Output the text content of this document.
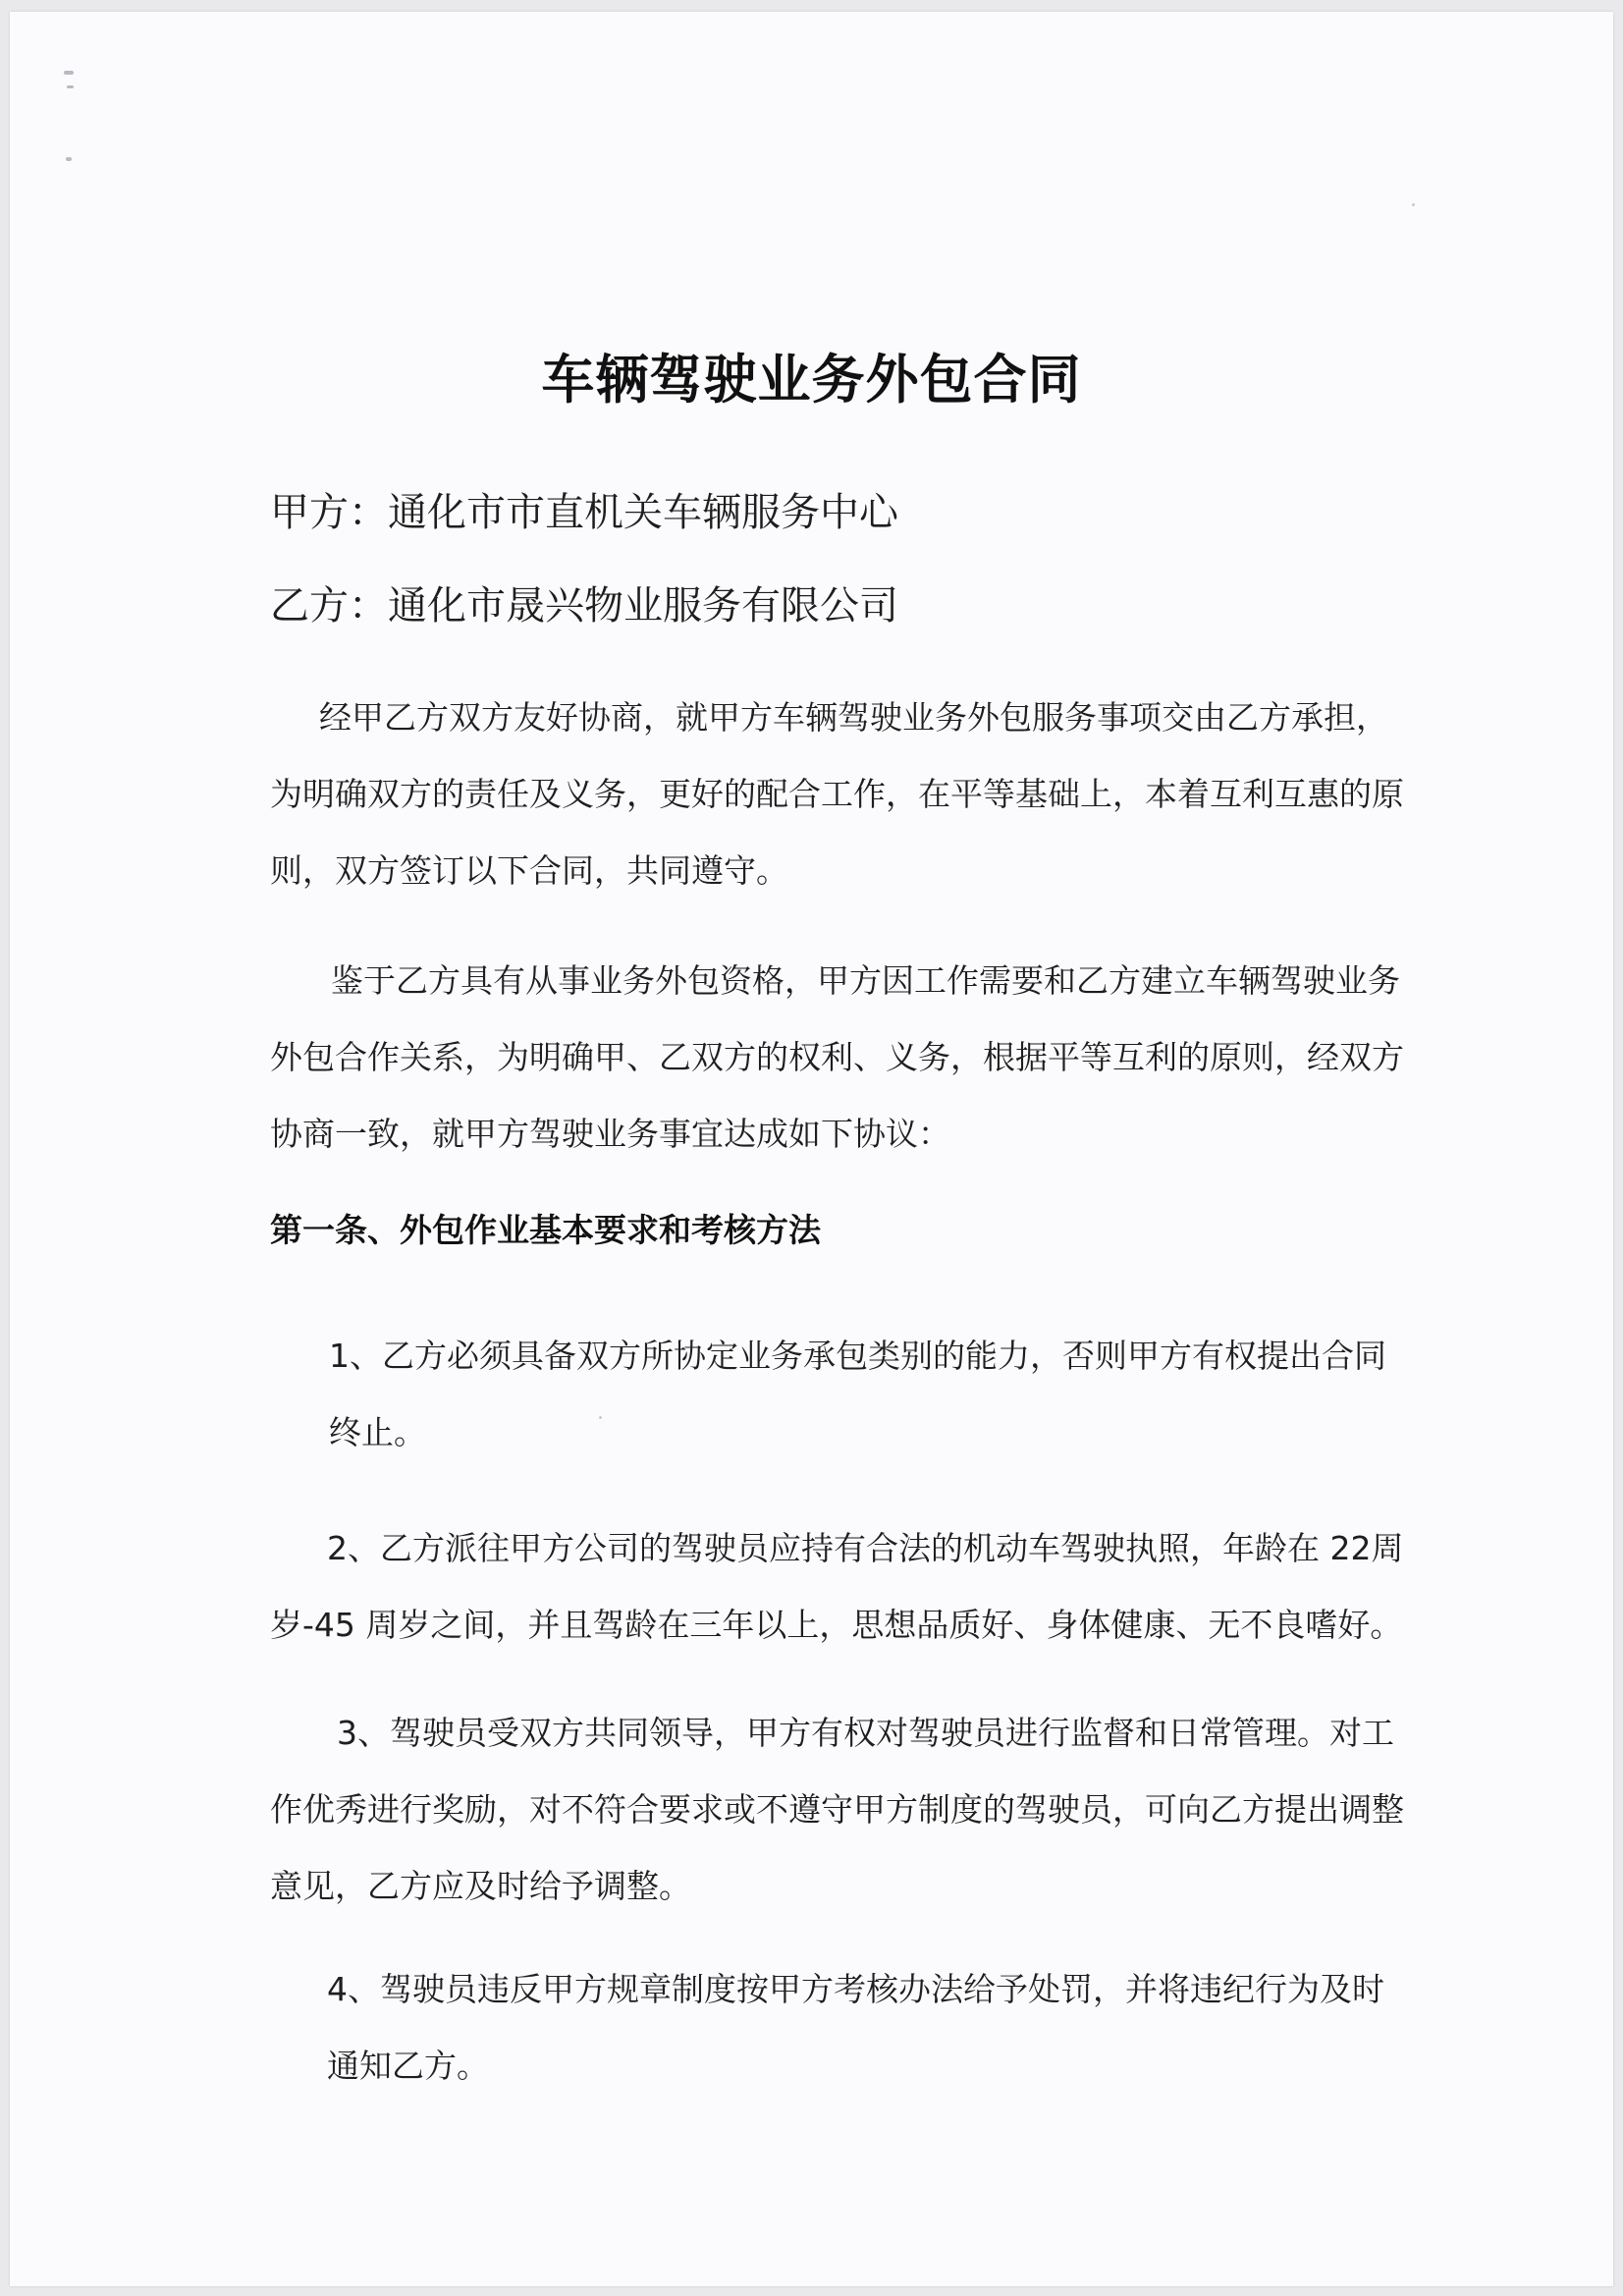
车辆驾驶业务外包合同
甲方：通化市市直机关车辆服务中心
乙方：通化市晟兴物业服务有限公司
经甲乙方双方友好协商，就甲方车辆驾驶业务外包服务事项交由乙方承担，
为明确双方的责任及义务，更好的配合工作，在平等基础上，本着互利互惠的原
则，双方签订以下合同，共同遵守。
鉴于乙方具有从事业务外包资格，甲方因工作需要和乙方建立车辆驾驶业务
外包合作关系，为明确甲、乙双方的权利、义务，根据平等互利的原则，经双方
协商一致，就甲方驾驶业务事宜达成如下协议：
第一条、外包作业基本要求和考核方法
1、乙方必须具备双方所协定业务承包类别的能力，否则甲方有权提出合同
终止。
2、乙方派往甲方公司的驾驶员应持有合法的机动车驾驶执照，年龄在 22周
岁-45 周岁之间，并且驾龄在三年以上，思想品质好、身体健康、无不良嗜好。
3、驾驶员受双方共同领导，甲方有权对驾驶员进行监督和日常管理。对工
作优秀进行奖励，对不符合要求或不遵守甲方制度的驾驶员，可向乙方提出调整
意见，乙方应及时给予调整。
4、驾驶员违反甲方规章制度按甲方考核办法给予处罚，并将违纪行为及时
通知乙方。
